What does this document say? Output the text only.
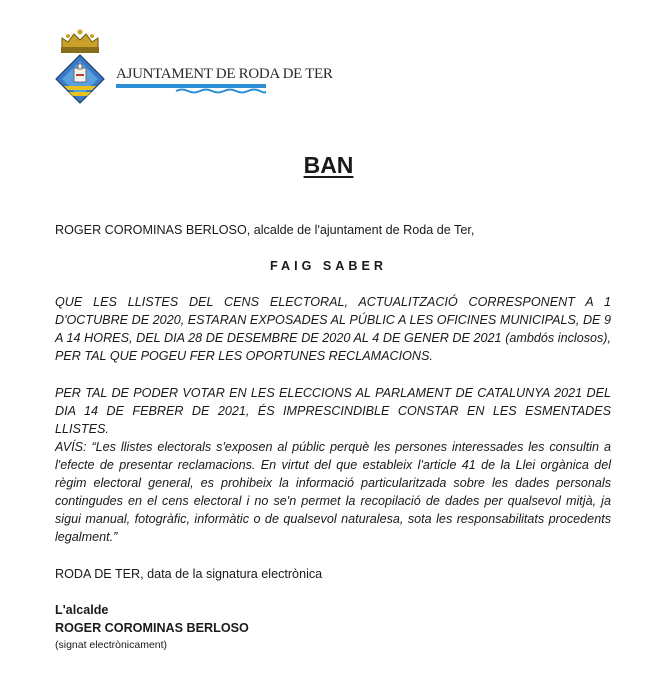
AJUNTAMENT DE RODA DE TER
BAN
ROGER COROMINAS BERLOSO, alcalde de l'ajuntament de Roda de Ter,
FAIG SABER
QUE LES LLISTES DEL CENS ELECTORAL, ACTUALITZACIÓ CORRESPONENT A 1 D'OCTUBRE DE 2020, ESTARAN EXPOSADES AL PÚBLIC A LES OFICINES MUNICIPALS, DE 9 A 14 HORES, DEL DIA 28 DE DESEMBRE DE 2020 AL 4 DE GENER DE 2021 (ambdós inclosos), PER TAL QUE POGEU FER LES OPORTUNES RECLAMACIONS.
PER TAL DE PODER VOTAR EN LES ELECCIONS AL PARLAMENT DE CATALUNYA 2021 DEL DIA 14 DE FEBRER DE 2021, ÉS IMPRESCINDIBLE CONSTAR EN LES ESMENTADES LLISTES.
AVÍS: “Les llistes electorals s'exposen al públic perquè les persones interessades les consultin a l'efecte de presentar reclamacions. En virtut del que estableix l'article 41 de la Llei orgànica del règim electoral general, es prohibeix la informació particularitzada sobre les dades personals contingudes en el cens electoral i no se'n permet la recopilació de dades per qualsevol mitjà, ja sigui manual, fotogràfic, informàtic o de qualsevol naturalesa, sota les responsabilitats procedents legalment.”
RODA DE TER, data de la signatura electrònica
L'alcalde
ROGER COROMINAS BERLOSO
(signat electrònicament)
